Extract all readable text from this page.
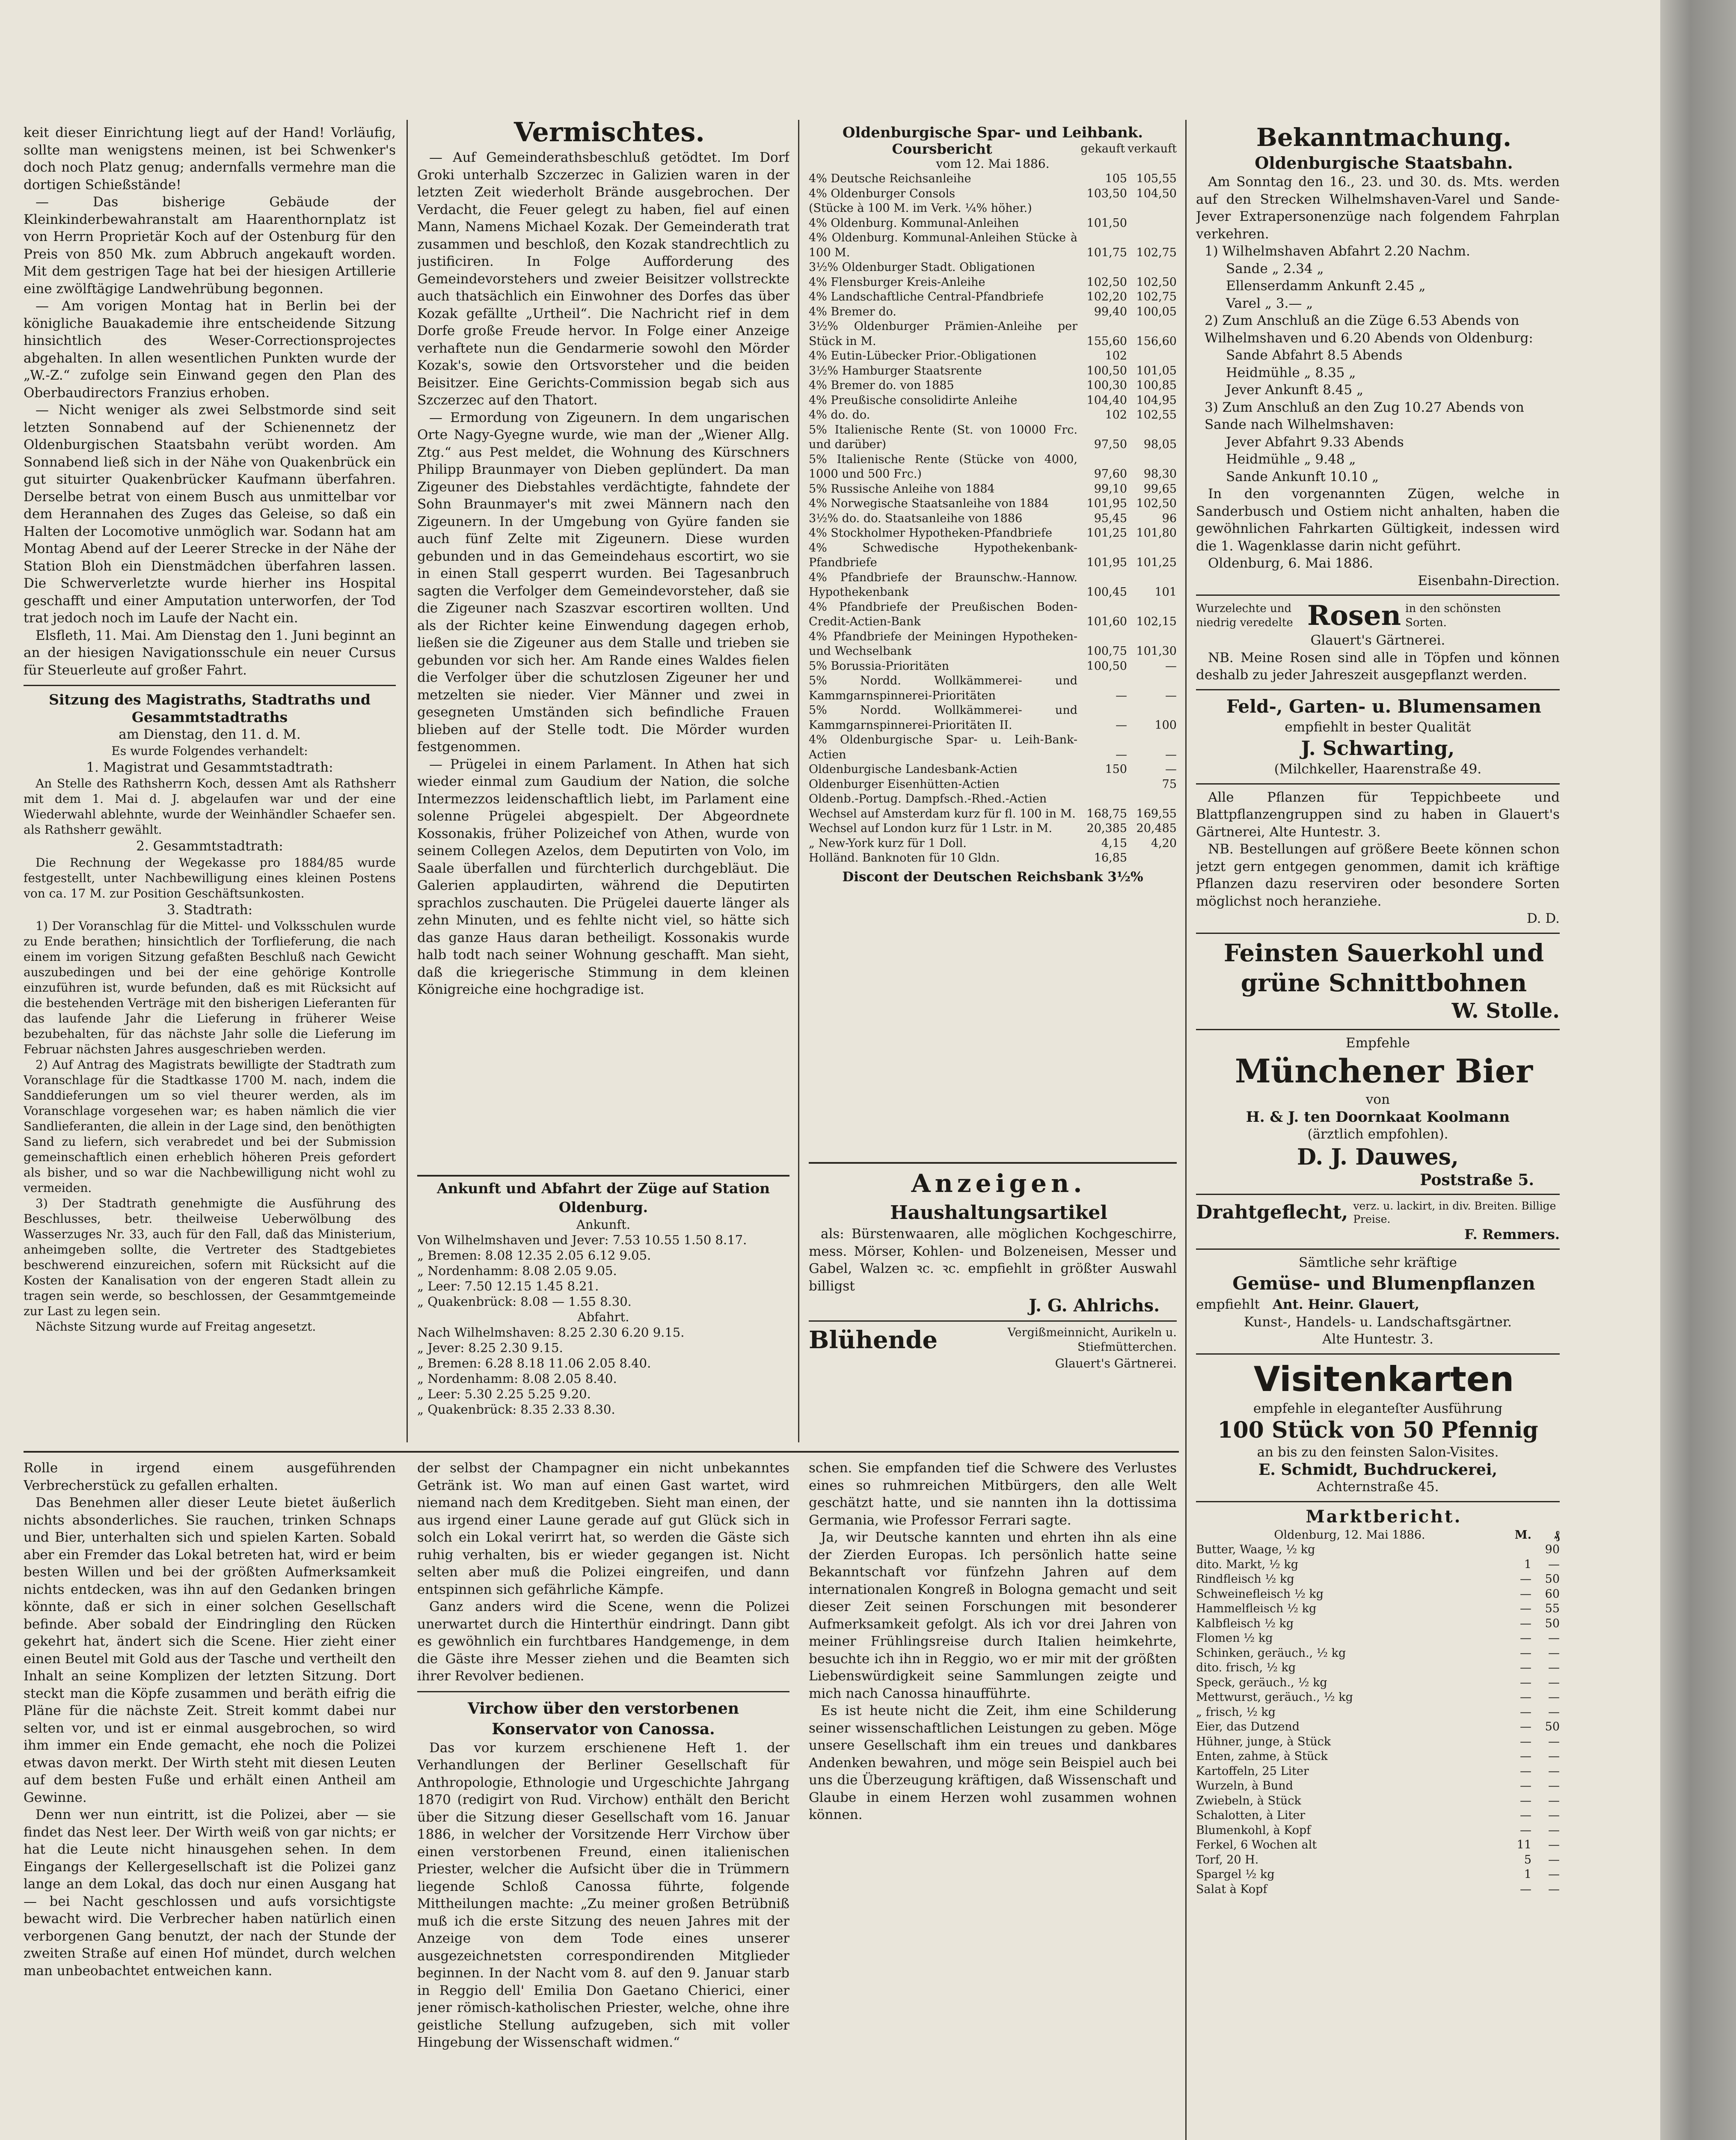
keit dieser Einrichtung liegt auf der Hand! Vorläufig, sollte man wenigstens meinen, ist bei Schwenker's doch noch Platz genug; andernfalls vermehre man die dortigen Schießstände!

— Das bisherige Gebäude der Kleinkinderbewahranstalt am Haarenthornplatz ist von Herrn Proprietär Koch auf der Ostenburg für den Preis von 850 Mk. zum Abbruch angekauft worden. Mit dem gestrigen Tage hat bei der hiesigen Artillerie eine zwölftägige Landwehrübung begonnen.

— Am vorigen Montag hat in Berlin bei der königliche Bauakademie ihre entscheidende Sitzung hinsichtlich des Weser-Correctionsprojectes abgehalten. In allen wesentlichen Punkten wurde der „W.-Z.“ zufolge sein Einwand gegen den Plan des Oberbaudirectors Franzius erhoben.

— Nicht weniger als zwei Selbstmorde sind seit letzten Sonnabend auf der Schienennetz der Oldenburgischen Staatsbahn verübt worden. Am Sonnabend ließ sich in der Nähe von Quakenbrück ein gut situirter Quakenbrücker Kaufmann überfahren. Derselbe betrat von einem Busch aus unmittelbar vor dem Herannahen des Zuges das Geleise, so daß ein Halten der Locomotive unmöglich war. Sodann hat am Montag Abend auf der Leerer Strecke in der Nähe der Station Bloh ein Dienstmädchen überfahren lassen. Die Schwerverletzte wurde hierher ins Hospital geschafft und einer Amputation unterworfen, der Tod trat jedoch noch im Laufe der Nacht ein.

Elsfleth, 11. Mai. Am Dienstag den 1. Juni beginnt an an der hiesigen Navigationsschule ein neuer Cursus für Steuerleute auf großer Fahrt.

Sitzung des Magistraths, Stadtraths und Gesammtstadtraths

am Dienstag, den 11. d. M.

Es wurde Folgendes verhandelt:

1. Magistrat und Gesammtstadtrath:

An Stelle des Rathsherrn Koch, dessen Amt als Rathsherr mit dem 1. Mai d. J. abgelaufen war und der eine Wiederwahl ablehnte, wurde der Weinhändler Schaefer sen. als Rathsherr gewählt.

2. Gesammtstadtrath:

Die Rechnung der Wegekasse pro 1884/85 wurde festgestellt, unter Nachbewilligung eines kleinen Postens von ca. 17 M. zur Position Geschäftsunkosten.

3. Stadtrath:

1) Der Voranschlag für die Mittel- und Volksschulen wurde zu Ende berathen; hinsichtlich der Torflieferung, die nach einem im vorigen Sitzung gefaßten Beschluß nach Gewicht auszubedingen und bei der eine gehörige Kontrolle einzuführen ist, wurde befunden, daß es mit Rücksicht auf die bestehenden Verträge mit den bisherigen Lieferanten für das laufende Jahr die Lieferung in früherer Weise bezubehalten, für das nächste Jahr solle die Lieferung im Februar nächsten Jahres ausgeschrieben werden.

2) Auf Antrag des Magistrats bewilligte der Stadtrath zum Voranschlage für die Stadtkasse 1700 M. nach, indem die Sanddieferungen um so viel theurer werden, als im Voranschlage vorgesehen war; es haben nämlich die vier Sandlieferanten, die allein in der Lage sind, den benöthigten Sand zu liefern, sich verabredet und bei der Submission gemeinschaftlich einen erheblich höheren Preis gefordert als bisher, und so war die Nachbewilligung nicht wohl zu vermeiden.

3) Der Stadtrath genehmigte die Ausführung des Beschlusses, betr. theilweise Ueberwölbung des Wasserzuges Nr. 33, auch für den Fall, daß das Ministerium, anheimgeben sollte, die Vertreter des Stadtgebietes beschwerend einzureichen, sofern mit Rücksicht auf die Kosten der Kanalisation von der engeren Stadt allein zu tragen sein werde, so beschlossen, der Gesammtgemeinde zur Last zu legen sein.

Nächste Sitzung wurde auf Freitag angesetzt.

Vermischtes.

— Auf Gemeinderathsbeschluß getödtet. Im Dorf Groki unterhalb Szczerzec in Galizien waren in der letzten Zeit wiederholt Brände ausgebrochen. Der Verdacht, die Feuer gelegt zu haben, fiel auf einen Mann, Namens Michael Kozak. Der Gemeinderath trat zusammen und beschloß, den Kozak standrechtlich zu justificiren. In Folge Aufforderung des Gemeindevorstehers und zweier Beisitzer vollstreckte auch thatsächlich ein Einwohner des Dorfes das über Kozak gefällte „Urtheil“. Die Nachricht rief in dem Dorfe große Freude hervor. In Folge einer Anzeige verhaftete nun die Gendarmerie sowohl den Mörder Kozak's, sowie den Ortsvorsteher und die beiden Beisitzer. Eine Gerichts-Commission begab sich aus Szczerzec auf den Thatort.

— Ermordung von Zigeunern. In dem ungarischen Orte Nagy-Gyegne wurde, wie man der „Wiener Allg. Ztg.“ aus Pest meldet, die Wohnung des Kürschners Philipp Braunmayer von Dieben geplündert. Da man Zigeuner des Diebstahles verdächtigte, fahndete der Sohn Braunmayer's mit zwei Männern nach den Zigeunern. In der Umgebung von Gyüre fanden sie auch fünf Zelte mit Zigeunern. Diese wurden gebunden und in das Gemeindehaus escortirt, wo sie in einen Stall gesperrt wurden. Bei Tagesanbruch sagten die Verfolger dem Gemeindevorsteher, daß sie die Zigeuner nach Szaszvar escortiren wollten. Und als der Richter keine Einwendung dagegen erhob, ließen sie die Zigeuner aus dem Stalle und trieben sie gebunden vor sich her. Am Rande eines Waldes fielen die Verfolger über die schutzlosen Zigeuner her und metzelten sie nieder. Vier Männer und zwei in gesegneten Umständen sich befindliche Frauen blieben auf der Stelle todt. Die Mörder wurden festgenommen.

— Prügelei in einem Parlament. In Athen hat sich wieder einmal zum Gaudium der Nation, die solche Intermezzos leidenschaftlich liebt, im Parlament eine solenne Prügelei abgespielt. Der Abgeordnete Kossonakis, früher Polizeichef von Athen, wurde von seinem Collegen Azelos, dem Deputirten von Volo, im Saale überfallen und fürchterlich durchgebläut. Die Galerien applaudirten, während die Deputirten sprachlos zuschauten. Die Prügelei dauerte länger als zehn Minuten, und es fehlte nicht viel, so hätte sich das ganze Haus daran betheiligt. Kossonakis wurde halb todt nach seiner Wohnung geschafft. Man sieht, daß die kriegerische Stimmung in dem kleinen Königreiche eine hochgradige ist.

Ankunft und Abfahrt der Züge auf Station Oldenburg.

Ankunft.

Von Wilhelmshaven und Jever: 7.53 10.55 1.50 8.17.

„ Bremen: 8.08 12.35 2.05 6.12 9.05.

„ Nordenhamm: 8.08 2.05 9.05.

„ Leer: 7.50 12.15 1.45 8.21.

„ Quakenbrück: 8.08 — 1.55 8.30.

Abfahrt.

Nach Wilhelmshaven: 8.25 2.30 6.20 9.15.

„ Jever: 8.25 2.30 9.15.

„ Bremen: 6.28 8.18 11.06 2.05 8.40.

„ Nordenhamm: 8.08 2.05 8.40.

„ Leer: 5.30 2.25 5.25 9.20.

„ Quakenbrück: 8.35 2.33 8.30.

Oldenburgische Spar- und Leihbank.

Coursbericht	gekauft	verkauft

vom 12. Mai 1886.

4% Deutsche Reichsanleihe	105	105,55
4% Oldenburger Consols	103,50	104,50
(Stücke à 100 M. im Verk. ¼% höher.)		
4% Oldenburg. Kommunal-Anleihen	101,50	
4% Oldenburg. Kommunal-Anleihen Stücke à 100 M.	101,75	102,75
3½% Oldenburger Stadt. Obligationen		
4% Flensburger Kreis-Anleihe	102,50	102,50
4% Landschaftliche Central-Pfandbriefe	102,20	102,75
4% Bremer do.	99,40	100,05
3½% Oldenburger Prämien-Anleihe per Stück in M.	155,60	156,60
4% Eutin-Lübecker Prior.-Obligationen	102	
3½% Hamburger Staatsrente	100,50	101,05
4% Bremer do. von 1885	100,30	100,85
4% Preußische consolidirte Anleihe	104,40	104,95
4% do. do.	102	102,55
5% Italienische Rente (St. von 10000 Frc. und darüber)	97,50	98,05
5% Italienische Rente (Stücke von 4000, 1000 und 500 Frc.)	97,60	98,30
5% Russische Anleihe von 1884	99,10	99,65
4% Norwegische Staatsanleihe von 1884	101,95	102,50
3½% do. do. Staatsanleihe von 1886	95,45	96
4% Stockholmer Hypotheken-Pfandbriefe	101,25	101,80
4% Schwedische Hypothekenbank-Pfandbriefe	101,95	101,25
4% Pfandbriefe der Braunschw.-Hannow. Hypothekenbank	100,45	101
4% Pfandbriefe der Preußischen Boden-Credit-Actien-Bank	101,60	102,15
4% Pfandbriefe der Meiningen Hypotheken- und Wechselbank	100,75	101,30
5% Borussia-Prioritäten	100,50	—
5% Nordd. Wollkämmerei- und Kammgarnspinnerei-Prioritäten	—	—
5% Nordd. Wollkämmerei- und Kammgarnspinnerei-Prioritäten II.	—	100
4% Oldenburgische Spar- u. Leih-Bank-Actien	—	—
Oldenburgische Landesbank-Actien	150	—
Oldenburger Eisenhütten-Actien		75
Oldenb.-Portug. Dampfsch.-Rhed.-Actien		
Wechsel auf Amsterdam kurz für fl. 100 in M.	168,75	169,55
Wechsel auf London kurz für 1 Lstr. in M.	20,385	20,485
„ New-York kurz für 1 Doll.	4,15	4,20
Holländ. Banknoten für 10 Gldn.	16,85	

Discont der Deutschen Reichsbank 3½%

Anzeigen.

Haushaltungsartikel

als: Bürstenwaaren, alle möglichen Kochgeschirre, mess. Mörser, Kohlen- und Bolzeneisen, Messer und Gabel, Walzen ꝛc. ꝛc. empfiehlt in größter Auswahl billigst

J. G. Ahlrichs.

Blühende	Vergißmeinnicht, Aurikeln u. Stiefmütterchen.

Glauert's Gärtnerei.

Bekanntmachung.

Oldenburgische Staatsbahn.

Am Sonntag den 16., 23. und 30. ds. Mts. werden auf den Strecken Wilhelmshaven-Varel und Sande-Jever Extrapersonenzüge nach folgendem Fahrplan verkehren.

1) Wilhelmshaven Abfahrt 2.20 Nachm.

Sande „ 2.34 „

Ellenserdamm Ankunft 2.45 „

Varel „ 3.— „

2) Zum Anschluß an die Züge 6.53 Abends von Wilhelmshaven und 6.20 Abends von Oldenburg:

Sande Abfahrt 8.5 Abends

Heidmühle „ 8.35 „

Jever Ankunft 8.45 „

3) Zum Anschluß an den Zug 10.27 Abends von Sande nach Wilhelmshaven:

Jever Abfahrt 9.33 Abends

Heidmühle „ 9.48 „

Sande Ankunft 10.10 „

In den vorgenannten Zügen, welche in Sanderbusch und Ostiem nicht anhalten, haben die gewöhnlichen Fahrkarten Gültigkeit, indessen wird die 1. Wagenklasse darin nicht geführt.

Oldenburg, 6. Mai 1886.

Eisenbahn-Direction.

Wurzelechte und niedrig veredelte Rosen in den schönsten Sorten.

Glauert's Gärtnerei.

NB. Meine Rosen sind alle in Töpfen und können deshalb zu jeder Jahreszeit ausgepflanzt werden.

Feld-, Garten- u. Blumensamen

empfiehlt in bester Qualität

J. Schwarting,

(Milchkeller, Haarenstraße 49.

Alle Pflanzen für Teppichbeete und Blattpflanzengruppen sind zu haben in Glauert's Gärtnerei, Alte Huntestr. 3.

NB. Bestellungen auf größere Beete können schon jetzt gern entgegen genommen, damit ich kräftige Pflanzen dazu reserviren oder besondere Sorten möglichst noch heranziehe.

D. D.

Feinsten Sauerkohl und

grüne Schnittbohnen

W. Stolle.

Empfehle

Münchener Bier

von

H. & J. ten Doornkaat Koolmann

(ärztlich empfohlen).

D. J. Dauwes,

Poststraße 5.

Drahtgeflecht, verz. u. lackirt, in div. Breiten. Billige Preise.

F. Remmers.

Sämtliche sehr kräftige

Gemüse- und Blumenpflanzen

empfiehlt Ant. Heinr. Glauert,

Kunst-, Handels- u. Landschaftsgärtner.

Alte Huntestr. 3.

Visitenkarten

empfehle in eleganteſter Ausführung

100 Stück von 50 Pfennig

an bis zu den feinsten Salon-Visites.

E. Schmidt, Buchdruckerei,

Achternstraße 45.

Marktbericht.

Oldenburg, 12. Mai 1886.	M.	₰
Butter, Waage, ½ kg		90
dito. Markt, ½ kg	1	—
Rindfleisch ½ kg	—	50
Schweinefleisch ½ kg	—	60
Hammelfleisch ½ kg	—	55
Kalbfleisch ½ kg	—	50
Flomen ½ kg	—	—
Schinken, geräuch., ½ kg	—	—
dito. frisch, ½ kg	—	—
Speck, geräuch., ½ kg	—	—
Mettwurst, geräuch., ½ kg	—	—
„ frisch, ½ kg	—	—
Eier, das Dutzend	—	50
Hühner, junge, à Stück	—	—
Enten, zahme, à Stück	—	—
Kartoffeln, 25 Liter	—	—
Wurzeln, à Bund	—	—
Zwiebeln, à Stück	—	—
Schalotten, à Liter	—	—
Blumenkohl, à Kopf	—	—
Ferkel, 6 Wochen alt	11	—
Torf, 20 H.	5	—
Spargel ½ kg	1	—
Salat à Kopf	—	—

Rolle in irgend einem ausgeführenden Verbrecherstück zu gefallen erhalten.

Das Benehmen aller dieser Leute bietet äußerlich nichts absonderliches. Sie rauchen, trinken Schnaps und Bier, unterhalten sich und spielen Karten. Sobald aber ein Fremder das Lokal betreten hat, wird er beim besten Willen und bei der größten Aufmerksamkeit nichts entdecken, was ihn auf den Gedanken bringen könnte, daß er sich in einer solchen Gesellschaft befinde. Aber sobald der Eindringling den Rücken gekehrt hat, ändert sich die Scene. Hier zieht einer einen Beutel mit Gold aus der Tasche und vertheilt den Inhalt an seine Komplizen der letzten Sitzung. Dort steckt man die Köpfe zusammen und beräth eifrig die Pläne für die nächste Zeit. Streit kommt dabei nur selten vor, und ist er einmal ausgebrochen, so wird ihm immer ein Ende gemacht, ehe noch die Polizei etwas davon merkt. Der Wirth steht mit diesen Leuten auf dem besten Fuße und erhält einen Antheil am Gewinne.

Denn wer nun eintritt, ist die Polizei, aber — sie findet das Nest leer. Der Wirth weiß von gar nichts; er hat die Leute nicht hinausgehen sehen. In dem Eingangs der Kellergesellschaft ist die Polizei ganz lange an dem Lokal, das doch nur einen Ausgang hat — bei Nacht geschlossen und aufs vorsichtigste bewacht wird. Die Verbrecher haben natürlich einen verborgenen Gang benutzt, der nach der Stunde der zweiten Straße auf einen Hof mündet, durch welchen man unbeobachtet entweichen kann.

der selbst der Champagner ein nicht unbekanntes Getränk ist. Wo man auf einen Gast wartet, wird niemand nach dem Kreditgeben. Sieht man einen, der aus irgend einer Laune gerade auf gut Glück sich in solch ein Lokal verirrt hat, so werden die Gäste sich ruhig verhalten, bis er wieder gegangen ist. Nicht selten aber muß die Polizei eingreifen, und dann entspinnen sich gefährliche Kämpfe.

Ganz anders wird die Scene, wenn die Polizei unerwartet durch die Hinterthür eindringt. Dann gibt es gewöhnlich ein furchtbares Handgemenge, in dem die Gäste ihre Messer ziehen und die Beamten sich ihrer Revolver bedienen.

Virchow über den verstorbenen Konservator von Canossa.

Das vor kurzem erschienene Heft 1. der Verhandlungen der Berliner Gesellschaft für Anthropologie, Ethnologie und Urgeschichte Jahrgang 1870 (redigirt von Rud. Virchow) enthält den Bericht über die Sitzung dieser Gesellschaft vom 16. Januar 1886, in welcher der Vorsitzende Herr Virchow über einen verstorbenen Freund, einen italienischen Priester, welcher die Aufsicht über die in Trümmern liegende Schloß Canossa führte, folgende Mittheilungen machte: „Zu meiner großen Betrübniß muß ich die erste Sitzung des neuen Jahres mit der Anzeige von dem Tode eines unserer ausgezeichnetsten correspondirenden Mitglieder beginnen. In der Nacht vom 8. auf den 9. Januar starb in Reggio dell' Emilia Don Gaetano Chierici, einer jener römisch-katholischen Priester, welche, ohne ihre geistliche Stellung aufzugeben, sich mit voller Hingebung der Wissenschaft widmen.“

schen. Sie empfanden tief die Schwere des Verlustes eines so ruhmreichen Mitbürgers, den alle Welt geschätzt hatte, und sie nannten ihn la dottissima Germania, wie Professor Ferrari sagte.

Ja, wir Deutsche kannten und ehrten ihn als eine der Zierden Europas. Ich persönlich hatte seine Bekanntschaft vor fünfzehn Jahren auf dem internationalen Kongreß in Bologna gemacht und seit dieser Zeit seinen Forschungen mit besonderer Aufmerksamkeit gefolgt. Als ich vor drei Jahren von meiner Frühlingsreise durch Italien heimkehrte, besuchte ich ihn in Reggio, wo er mir mit der größten Liebenswürdigkeit seine Sammlungen zeigte und mich nach Canossa hinaufführte.

Es ist heute nicht die Zeit, ihm eine Schilderung seiner wissenschaftlichen Leistungen zu geben. Möge unsere Gesellschaft ihm ein treues und dankbares Andenken bewahren, und möge sein Beispiel auch bei uns die Überzeugung kräftigen, daß Wissenschaft und Glaube in einem Herzen wohl zusammen wohnen können.
